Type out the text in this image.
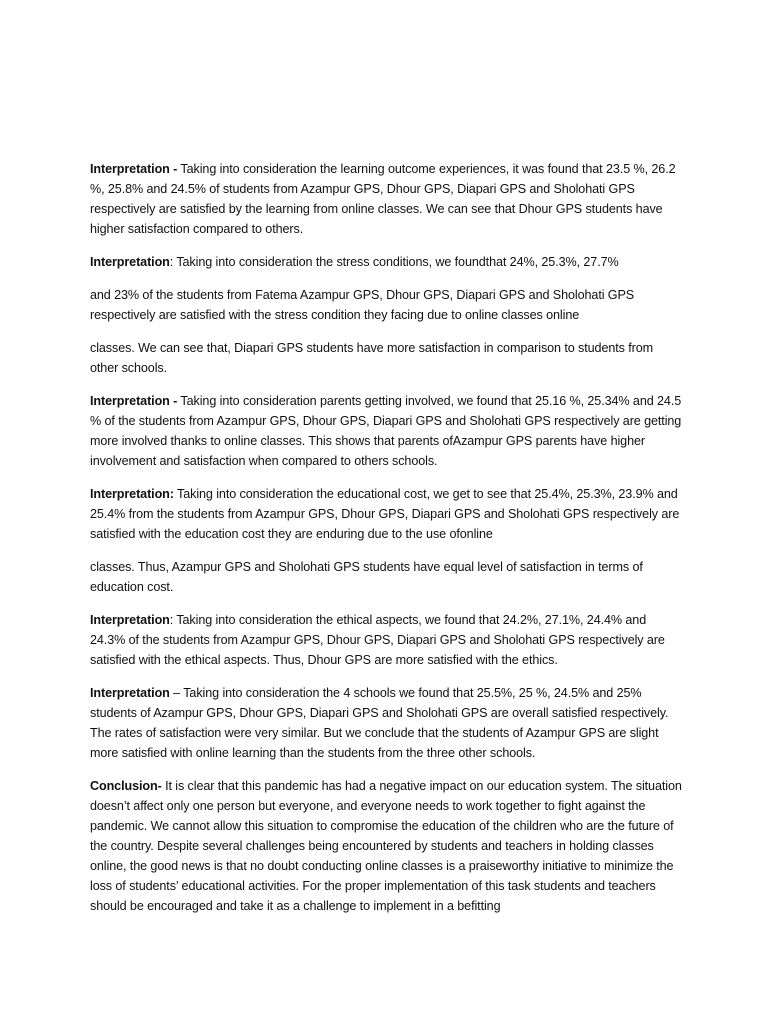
Interpretation - Taking into consideration the learning outcome experiences, it was found that 23.5 %, 26.2 %, 25.8% and 24.5% of students from Azampur GPS, Dhour GPS, Diapari GPS and Sholohati GPS respectively are satisfied by the learning from online classes. We can see that Dhour GPS students have higher satisfaction compared to others.

Interpretation: Taking into consideration the stress conditions, we foundthat 24%, 25.3%, 27.7%

and 23% of the students from Fatema Azampur GPS, Dhour GPS, Diapari GPS and Sholohati GPS respectively are satisfied with the stress condition they facing due to online classes online

classes. We can see that, Diapari GPS students have more satisfaction in comparison to students from other schools.

Interpretation - Taking into consideration parents getting involved, we found that 25.16 %, 25.34% and 24.5 % of the students from Azampur GPS, Dhour GPS, Diapari GPS and Sholohati GPS respectively are getting more involved thanks to online classes. This shows that parents ofAzampur GPS parents have higher involvement and satisfaction when compared to others schools.

Interpretation: Taking into consideration the educational cost, we get to see that 25.4%, 25.3%, 23.9% and 25.4% from the students from Azampur GPS, Dhour GPS, Diapari GPS and Sholohati GPS respectively are satisfied with the education cost they are enduring due to the use ofonline

classes. Thus, Azampur GPS and Sholohati GPS students have equal level of satisfaction in terms of education cost.

Interpretation: Taking into consideration the ethical aspects, we found that 24.2%, 27.1%, 24.4% and 24.3% of the students from Azampur GPS, Dhour GPS, Diapari GPS and Sholohati GPS respectively are satisfied with the ethical aspects. Thus, Dhour GPS are more satisfied with the ethics.

Interpretation – Taking into consideration the 4 schools we found that 25.5%, 25 %, 24.5% and 25% students of Azampur GPS, Dhour GPS, Diapari GPS and Sholohati GPS are overall satisfied respectively. The rates of satisfaction were very similar. But we conclude that the students of Azampur GPS are slight more satisfied with online learning than the students from the three other schools.

Conclusion- It is clear that this pandemic has had a negative impact on our education system. The situation doesn’t affect only one person but everyone, and everyone needs to work together to fight against the pandemic. We cannot allow this situation to compromise the education of the children who are the future of the country. Despite several challenges being encountered by students and teachers in holding classes online, the good news is that no doubt conducting online classes is a praiseworthy initiative to minimize the loss of students’ educational activities. For the proper implementation of this task students and teachers should be encouraged and take it as a challenge to implement in a befitting
